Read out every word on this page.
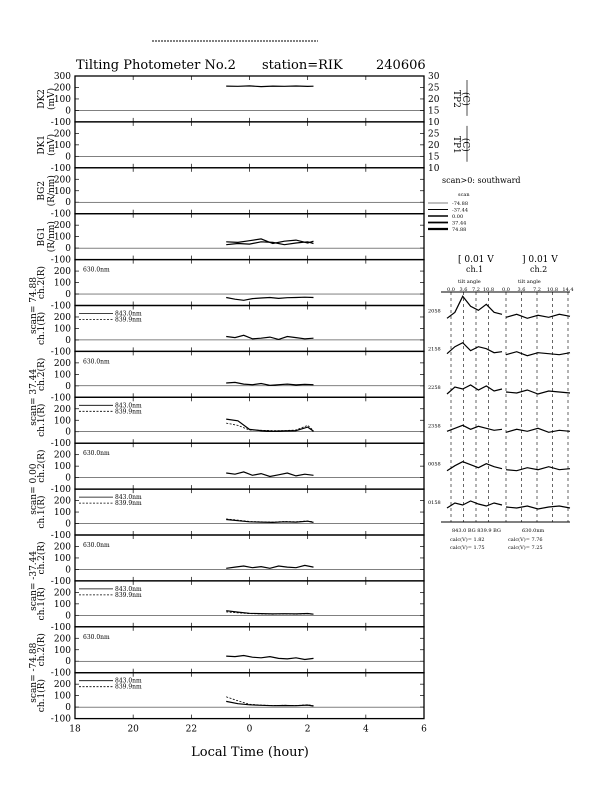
Tilting Photometer No.2 station=RIK	240606
300
200
100
0
-100
200
100
0
-100
200
100
0
-100
200
100
0
-100
200
100
0
-100
200
100
0
-100
200
100
0
-100
200
100
0
-100
200
100
0
-100
200
100
0
-100
200
100
0
-100
200
100
0
-100
200
100
0
-100
200
100
0
-100
30
25
20
15
10
TP2 (C)
25
20
15
10
TP1 (C)
DK2 (mV)
DK1 (mV)
BG2 (R/nm)
BG1 (R/nm)
scan= 74.88
ch.2(R)
ch.1(R)
630.0nm
843.0nm
839.9nm
scan= 37.44
ch.2(R)
ch.1(R)
630.0nm
843.0nm
839.9nm
scan= 0.00
ch.2(R)
ch.1(R)
630.0nm
843.0nm
839.9nm
scan= -37.44
ch.2(R)
ch.1(R)
630.0nm
843.0nm
839.9nm
scan= -74.88
ch.2(R)
ch.1(R)
630.0nm
843.0nm
839.9nm
18	20	22	0	2	4	6
Local Time (hour)
scan>0: southward
scan
-74.88
-37.44
0.00
37.44
74.88
[ 0.01 V	] 0.01 V
ch.1	ch.2
tilt angle	tilt angle
0.0 3.6 7.2 10.8 0.0 3.6 7.2 10.8 14.4
2058
2158
2258
2358
0058
0158
843.0 BG 839.9 BG	630.0nm
calc(V)= 1.82
calc(V)= 1.75
calc(V)= 7.76
calc(V)= 7.25
